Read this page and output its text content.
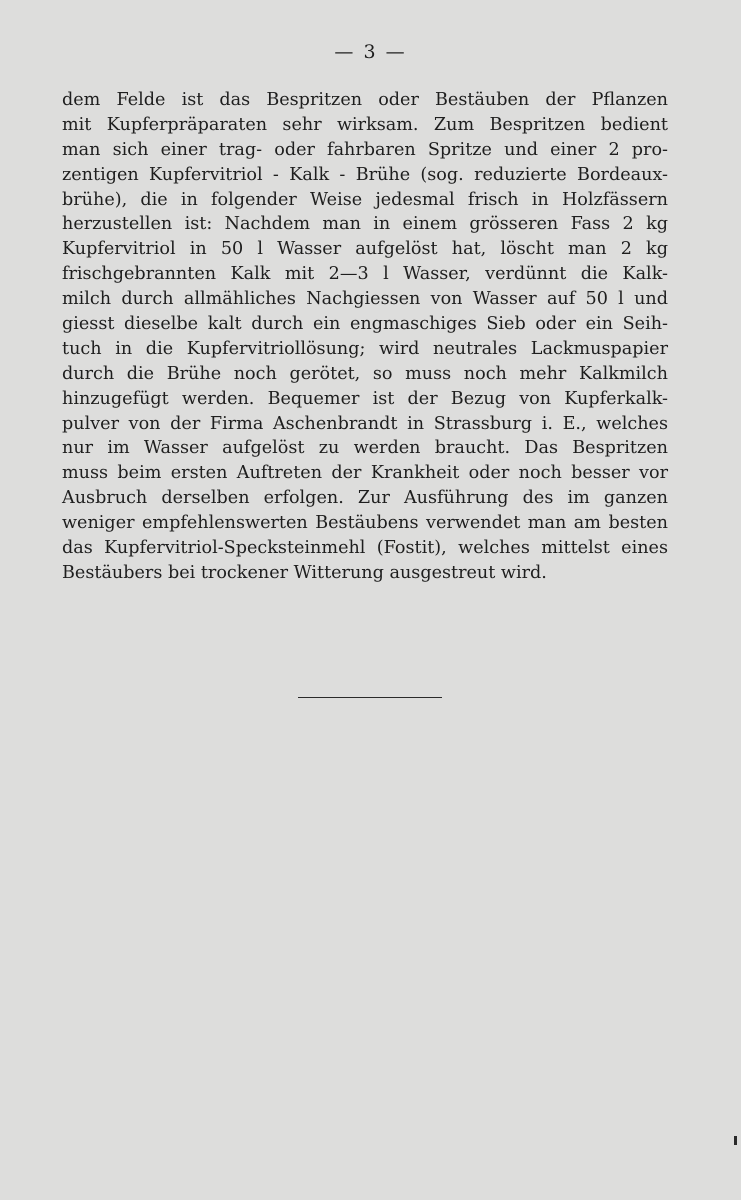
— 3 —
dem Felde ist das Bespritzen oder Bestäuben der Pflanzen
mit Kupferpräparaten sehr wirksam. Zum Bespritzen bedient
man sich einer trag- oder fahrbaren Spritze und einer 2 pro-
zentigen Kupfervitriol - Kalk - Brühe (sog. reduzierte Bordeaux-
brühe), die in folgender Weise jedesmal frisch in Holzfässern
herzustellen ist: Nachdem man in einem grösseren Fass 2 kg
Kupfervitriol in 50 l Wasser aufgelöst hat, löscht man 2 kg
frischgebrannten Kalk mit 2—3 l Wasser, verdünnt die Kalk-
milch durch allmähliches Nachgiessen von Wasser auf 50 l und
giesst dieselbe kalt durch ein engmaschiges Sieb oder ein Seih-
tuch in die Kupfervitriollösung; wird neutrales Lackmuspapier
durch die Brühe noch gerötet, so muss noch mehr Kalkmilch
hinzugefügt werden. Bequemer ist der Bezug von Kupferkalk-
pulver von der Firma Aschenbrandt in Strassburg i. E., welches
nur im Wasser aufgelöst zu werden braucht. Das Bespritzen
muss beim ersten Auftreten der Krankheit oder noch besser vor
Ausbruch derselben erfolgen. Zur Ausführung des im ganzen
weniger empfehlenswerten Bestäubens verwendet man am besten
das Kupfervitriol-Specksteinmehl (Fostit), welches mittelst eines
Bestäubers bei trockener Witterung ausgestreut wird.
